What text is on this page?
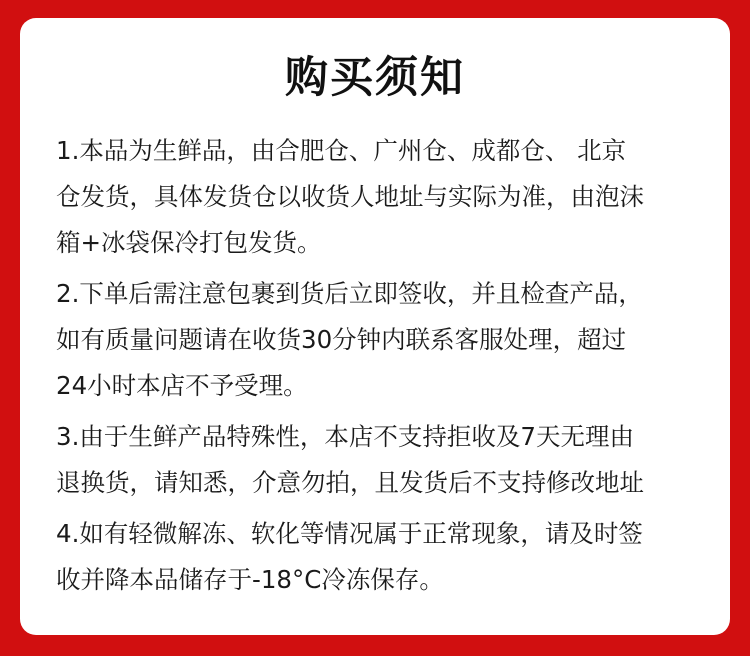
购买须知
1.本品为生鲜品，由合肥仓、广州仓、成都仓、 北京
仓发货，具体发货仓以收货人地址与实际为准，由泡沫
箱+冰袋保冷打包发货。
2.下单后需注意包裹到货后立即签收，并且检查产品，
如有质量问题请在收货30分钟内联系客服处理，超过
24小时本店不予受理。
3.由于生鲜产品特殊性，本店不支持拒收及7天无理由
退换货，请知悉，介意勿拍，且发货后不支持修改地址
4.如有轻微解冻、软化等情况属于正常现象，请及时签
收并降本品储存于-18°C冷冻保存。
